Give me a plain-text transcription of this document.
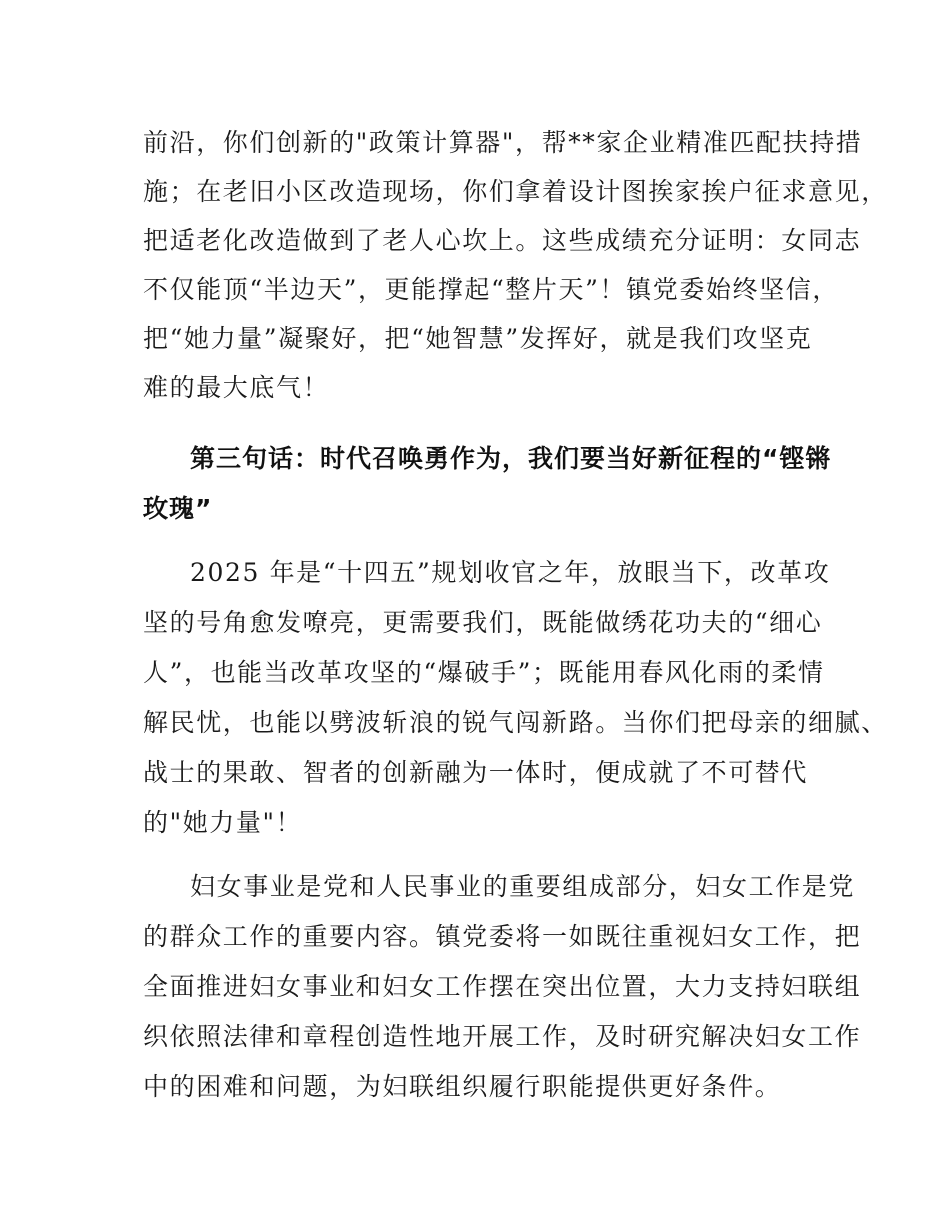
前沿，你们创新的"政策计算器"，帮**家企业精准匹配扶持措
施；在老旧小区改造现场，你们拿着设计图挨家挨户征求意见，
把适老化改造做到了老人心坎上。这些成绩充分证明：女同志
不仅能顶“半边天”，更能撑起“整片天”！镇党委始终坚信，
把“她力量”凝聚好，把“她智慧”发挥好，就是我们攻坚克
难的最大底气！
第三句话：时代召唤勇作为，我们要当好新征程的“铿锵
玫瑰”
2025 年是“十四五”规划收官之年，放眼当下，改革攻
坚的号角愈发嘹亮，更需要我们，既能做绣花功夫的“细心
人”，也能当改革攻坚的“爆破手”；既能用春风化雨的柔情
解民忧，也能以劈波斩浪的锐气闯新路。当你们把母亲的细腻、
战士的果敢、智者的创新融为一体时，便成就了不可替代
的"她力量"！
妇女事业是党和人民事业的重要组成部分，妇女工作是党
的群众工作的重要内容。镇党委将一如既往重视妇女工作，把
全面推进妇女事业和妇女工作摆在突出位置，大力支持妇联组
织依照法律和章程创造性地开展工作，及时研究解决妇女工作
中的困难和问题，为妇联组织履行职能提供更好条件。
